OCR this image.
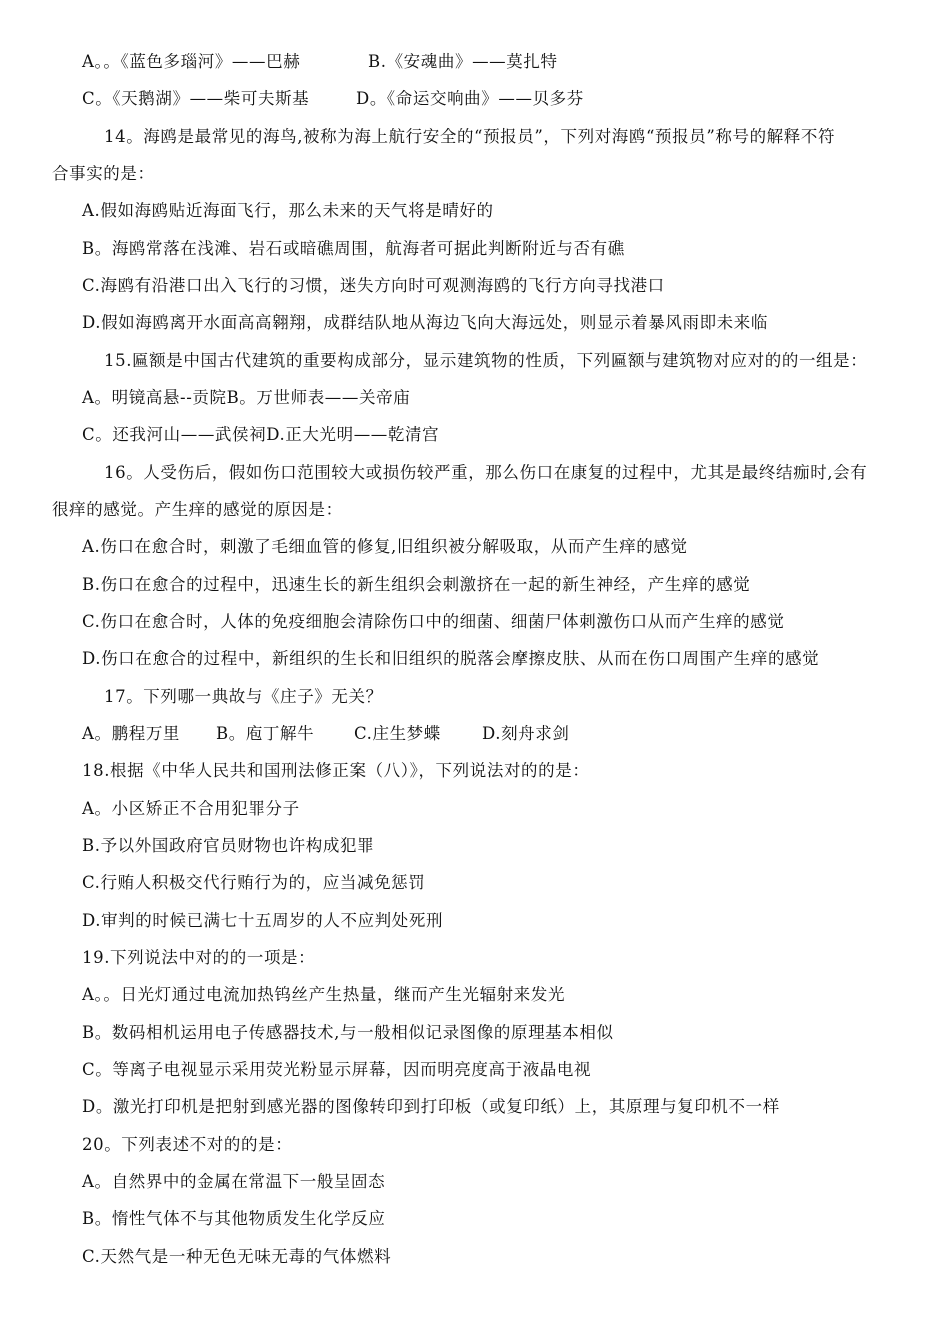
A。。《蓝色多瑙河》——巴赫	B.《安魂曲》——莫扎特
C。《天鹅湖》——柴可夫斯基	D。《命运交响曲》——贝多芬
14。海鸥是最常见的海鸟,被称为海上航行安全的“预报员”，下列对海鸥“预报员”称号的解释不符
合事实的是：
A.假如海鸥贴近海面飞行，那么未来的天气将是晴好的
B。海鸥常落在浅滩、岩石或暗礁周围，航海者可据此判断附近与否有礁
C.海鸥有沿港口出入飞行的习惯，迷失方向时可观测海鸥的飞行方向寻找港口
D.假如海鸥离开水面高高翱翔，成群结队地从海边飞向大海远处，则显示着暴风雨即未来临
15.匾额是中国古代建筑的重要构成部分，显示建筑物的性质，下列匾额与建筑物对应对的的一组是：
A。明镜高悬--贡院B。万世师表——关帝庙
C。还我河山——武侯祠D.正大光明——乾清宫
16。人受伤后，假如伤口范围较大或损伤较严重，那么伤口在康复的过程中，尤其是最终结痂时,会有
很痒的感觉。产生痒的感觉的原因是：
A.伤口在愈合时，刺激了毛细血管的修复,旧组织被分解吸取，从而产生痒的感觉
B.伤口在愈合的过程中，迅速生长的新生组织会刺激挤在一起的新生神经，产生痒的感觉
C.伤口在愈合时，人体的免疫细胞会清除伤口中的细菌、细菌尸体刺激伤口从而产生痒的感觉
D.伤口在愈合的过程中，新组织的生长和旧组织的脱落会摩擦皮肤、从而在伤口周围产生痒的感觉
17。下列哪一典故与《庄子》无关？
A。鹏程万里 B。庖丁解牛 C.庄生梦蝶 D.刻舟求剑
18.根据《中华人民共和国刑法修正案（八）》，下列说法对的的是：
A。小区矫正不合用犯罪分子
B.予以外国政府官员财物也许构成犯罪
C.行贿人积极交代行贿行为的，应当减免惩罚
D.审判的时候已满七十五周岁的人不应判处死刑
19.下列说法中对的的一项是：
A。。日光灯通过电流加热钨丝产生热量，继而产生光辐射来发光
B。数码相机运用电子传感器技术,与一般相似记录图像的原理基本相似
C。等离子电视显示采用荧光粉显示屏幕，因而明亮度高于液晶电视
D。激光打印机是把射到感光器的图像转印到打印板（或复印纸）上，其原理与复印机不一样
20。下列表述不对的的是：
A。自然界中的金属在常温下一般呈固态
B。惰性气体不与其他物质发生化学反应
C.天然气是一种无色无味无毒的气体燃料
